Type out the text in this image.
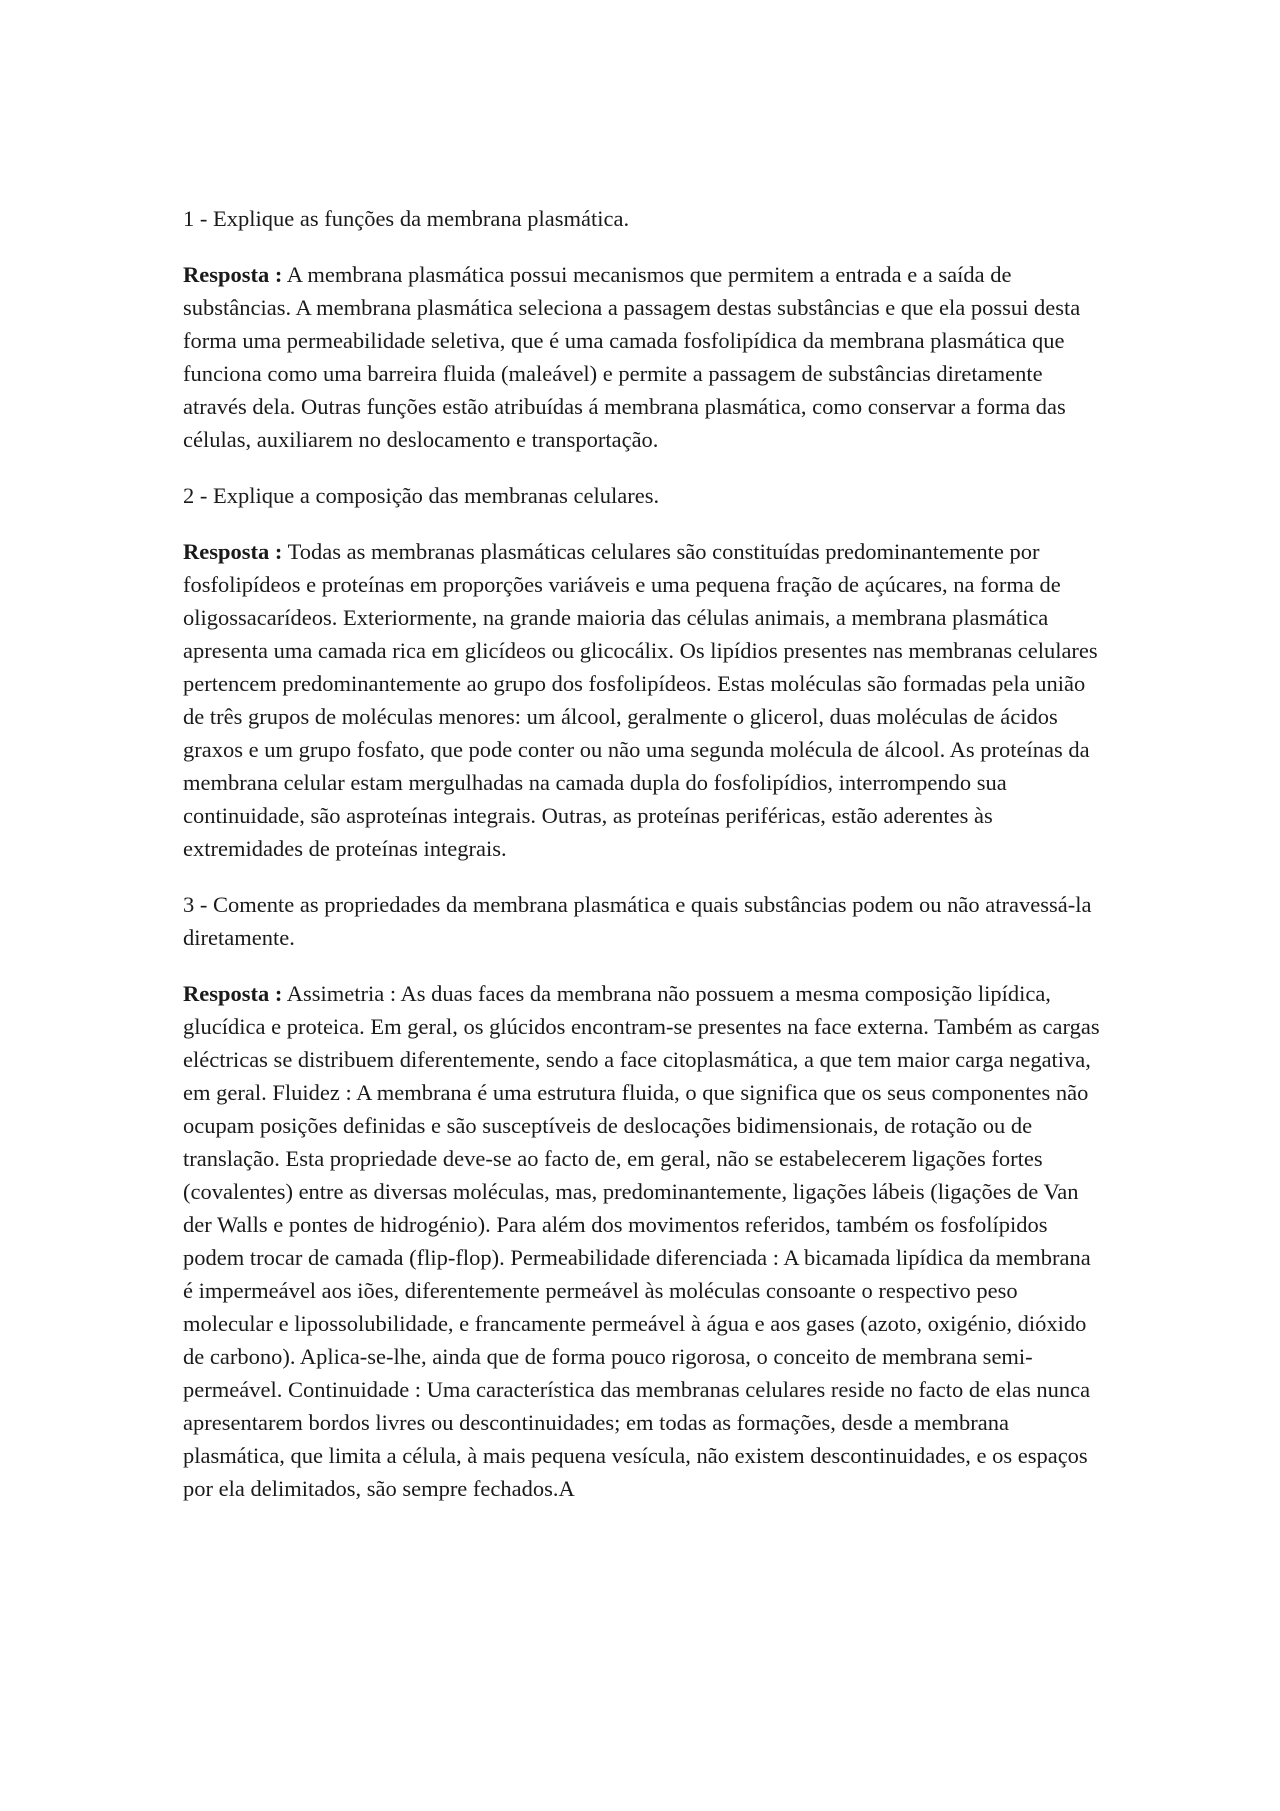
1 - Explique as funções da membrana plasmática.

Resposta : A membrana plasmática possui mecanismos que permitem a entrada e a saída de substâncias. A membrana plasmática seleciona a passagem destas substâncias e que ela possui desta forma uma permeabilidade seletiva, que é uma camada fosfolipídica da membrana plasmática que funciona como uma barreira fluida (maleável) e permite a passagem de substâncias diretamente através dela. Outras funções estão atribuídas á membrana plasmática, como conservar a forma das células, auxiliarem no deslocamento e transportação.

2 - Explique a composição das membranas celulares.

Resposta : Todas as membranas plasmáticas celulares são constituídas predominantemente por fosfolipídeos e proteínas em proporções variáveis e uma pequena fração de açúcares, na forma de oligossacarídeos. Exteriormente, na grande maioria das células animais, a membrana plasmática apresenta uma camada rica em glicídeos ou glicocálix. Os lipídios presentes nas membranas celulares pertencem predominantemente ao grupo dos fosfolipídeos. Estas moléculas são formadas pela união de três grupos de moléculas menores: um álcool, geralmente o glicerol, duas moléculas de ácidos graxos e um grupo fosfato, que pode conter ou não uma segunda molécula de álcool. As proteínas da membrana celular estam mergulhadas na camada dupla do fosfolipídios, interrompendo sua continuidade, são asproteínas integrais. Outras, as proteínas periféricas, estão aderentes às extremidades de proteínas integrais.

3 - Comente as propriedades da membrana plasmática e quais substâncias podem ou não atravessá-la diretamente.

Resposta : Assimetria : As duas faces da membrana não possuem a mesma composição lipídica, glucídica e proteica. Em geral, os glúcidos encontram-se presentes na face externa. Também as cargas eléctricas se distribuem diferentemente, sendo a face citoplasmática, a que tem maior carga negativa, em geral. Fluidez : A membrana é uma estrutura fluida, o que significa que os seus componentes não ocupam posições definidas e são susceptíveis de deslocações bidimensionais, de rotação ou de translação. Esta propriedade deve-se ao facto de, em geral, não se estabelecerem ligações fortes (covalentes) entre as diversas moléculas, mas, predominantemente, ligações lábeis (ligações de Van der Walls e pontes de hidrogénio). Para além dos movimentos referidos, também os fosfolípidos podem trocar de camada (flip-flop). Permeabilidade diferenciada : A bicamada lipídica da membrana é impermeável aos iões, diferentemente permeável às moléculas consoante o respectivo peso molecular e lipossolubilidade, e francamente permeável à água e aos gases (azoto, oxigénio, dióxido de carbono). Aplica-se-lhe, ainda que de forma pouco rigorosa, o conceito de membrana semi-permeável. Continuidade : Uma característica das membranas celulares reside no facto de elas nunca apresentarem bordos livres ou descontinuidades; em todas as formações, desde a membrana plasmática, que limita a célula, à mais pequena vesícula, não existem descontinuidades, e os espaços por ela delimitados, são sempre fechados.A
